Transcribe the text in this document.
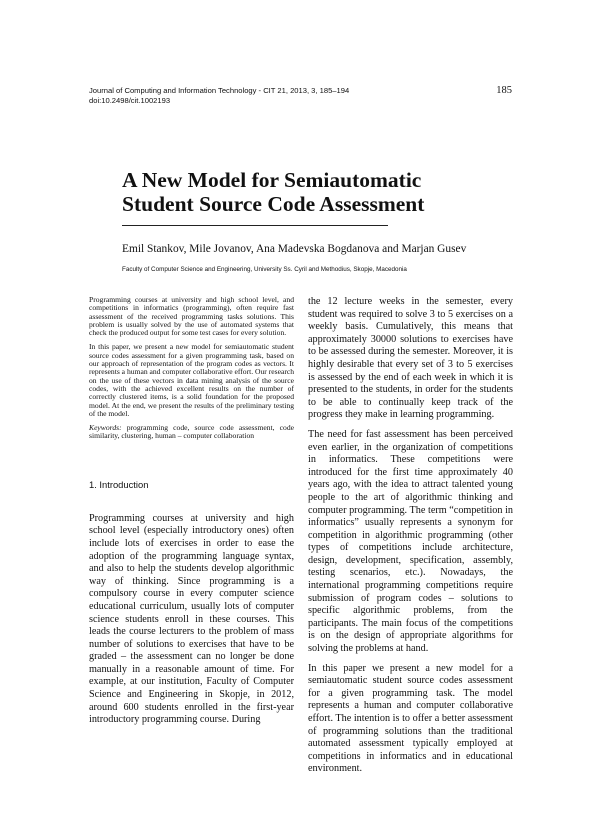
Journal of Computing and Information Technology - CIT 21, 2013, 3, 185–194
doi:10.2498/cit.1002193
185
A New Model for Semiautomatic
Student Source Code Assessment
Emil Stankov, Mile Jovanov, Ana Madevska Bogdanova and Marjan Gusev
Faculty of Computer Science and Engineering, University Ss. Cyril and Methodius, Skopje, Macedonia

Programming courses at university and high school level, and competitions in informatics (programming), often require fast assessment of the received programming tasks solutions. This problem is usually solved by the use of automated systems that check the produced output for some test cases for every solution.

In this paper, we present a new model for semiautomatic student source codes assessment for a given programming task, based on our approach of representation of the program codes as vectors. It represents a human and computer collaborative effort. Our research on the use of these vectors in data mining analysis of the source codes, with the achieved excellent results on the number of correctly clustered items, is a solid foundation for the proposed model. At the end, we present the results of the preliminary testing of the model.

Keywords: programming code, source code assessment, code similarity, clustering, human – computer collaboration
1. Introduction

Programming courses at university and high school level (especially introductory ones) often include lots of exercises in order to ease the adoption of the programming language syntax, and also to help the students develop algorithmic way of thinking. Since programming is a compulsory course in every computer science educational curriculum, usually lots of computer science students enroll in these courses. This leads the course lecturers to the problem of mass number of solutions to exercises that have to be graded – the assessment can no longer be done manually in a reasonable amount of time. For example, at our institution, Faculty of Computer Science and Engineering in Skopje, in 2012, around 600 students enrolled in the first-year introductory programming course. During

the 12 lecture weeks in the semester, every student was required to solve 3 to 5 exercises on a weekly basis. Cumulatively, this means that approximately 30000 solutions to exercises have to be assessed during the semester. Moreover, it is highly desirable that every set of 3 to 5 exercises is assessed by the end of each week in which it is presented to the students, in order for the students to be able to continually keep track of the progress they make in learning programming.

The need for fast assessment has been perceived even earlier, in the organization of competitions in informatics. These competitions were introduced for the first time approximately 40 years ago, with the idea to attract talented young people to the art of algorithmic thinking and computer programming. The term “competition in informatics” usually represents a synonym for competition in algorithmic programming (other types of competitions include architecture, design, development, specification, assembly, testing scenarios, etc.). Nowadays, the international programming competitions require submission of program codes – solutions to specific algorithmic problems, from the participants. The main focus of the competitions is on the design of appropriate algorithms for solving the problems at hand.

In this paper we present a new model for a semiautomatic student source codes assessment for a given programming task. The model represents a human and computer collaborative effort. The intention is to offer a better assessment of programming solutions than the traditional automated assessment typically employed at competitions in informatics and in educational environment.
